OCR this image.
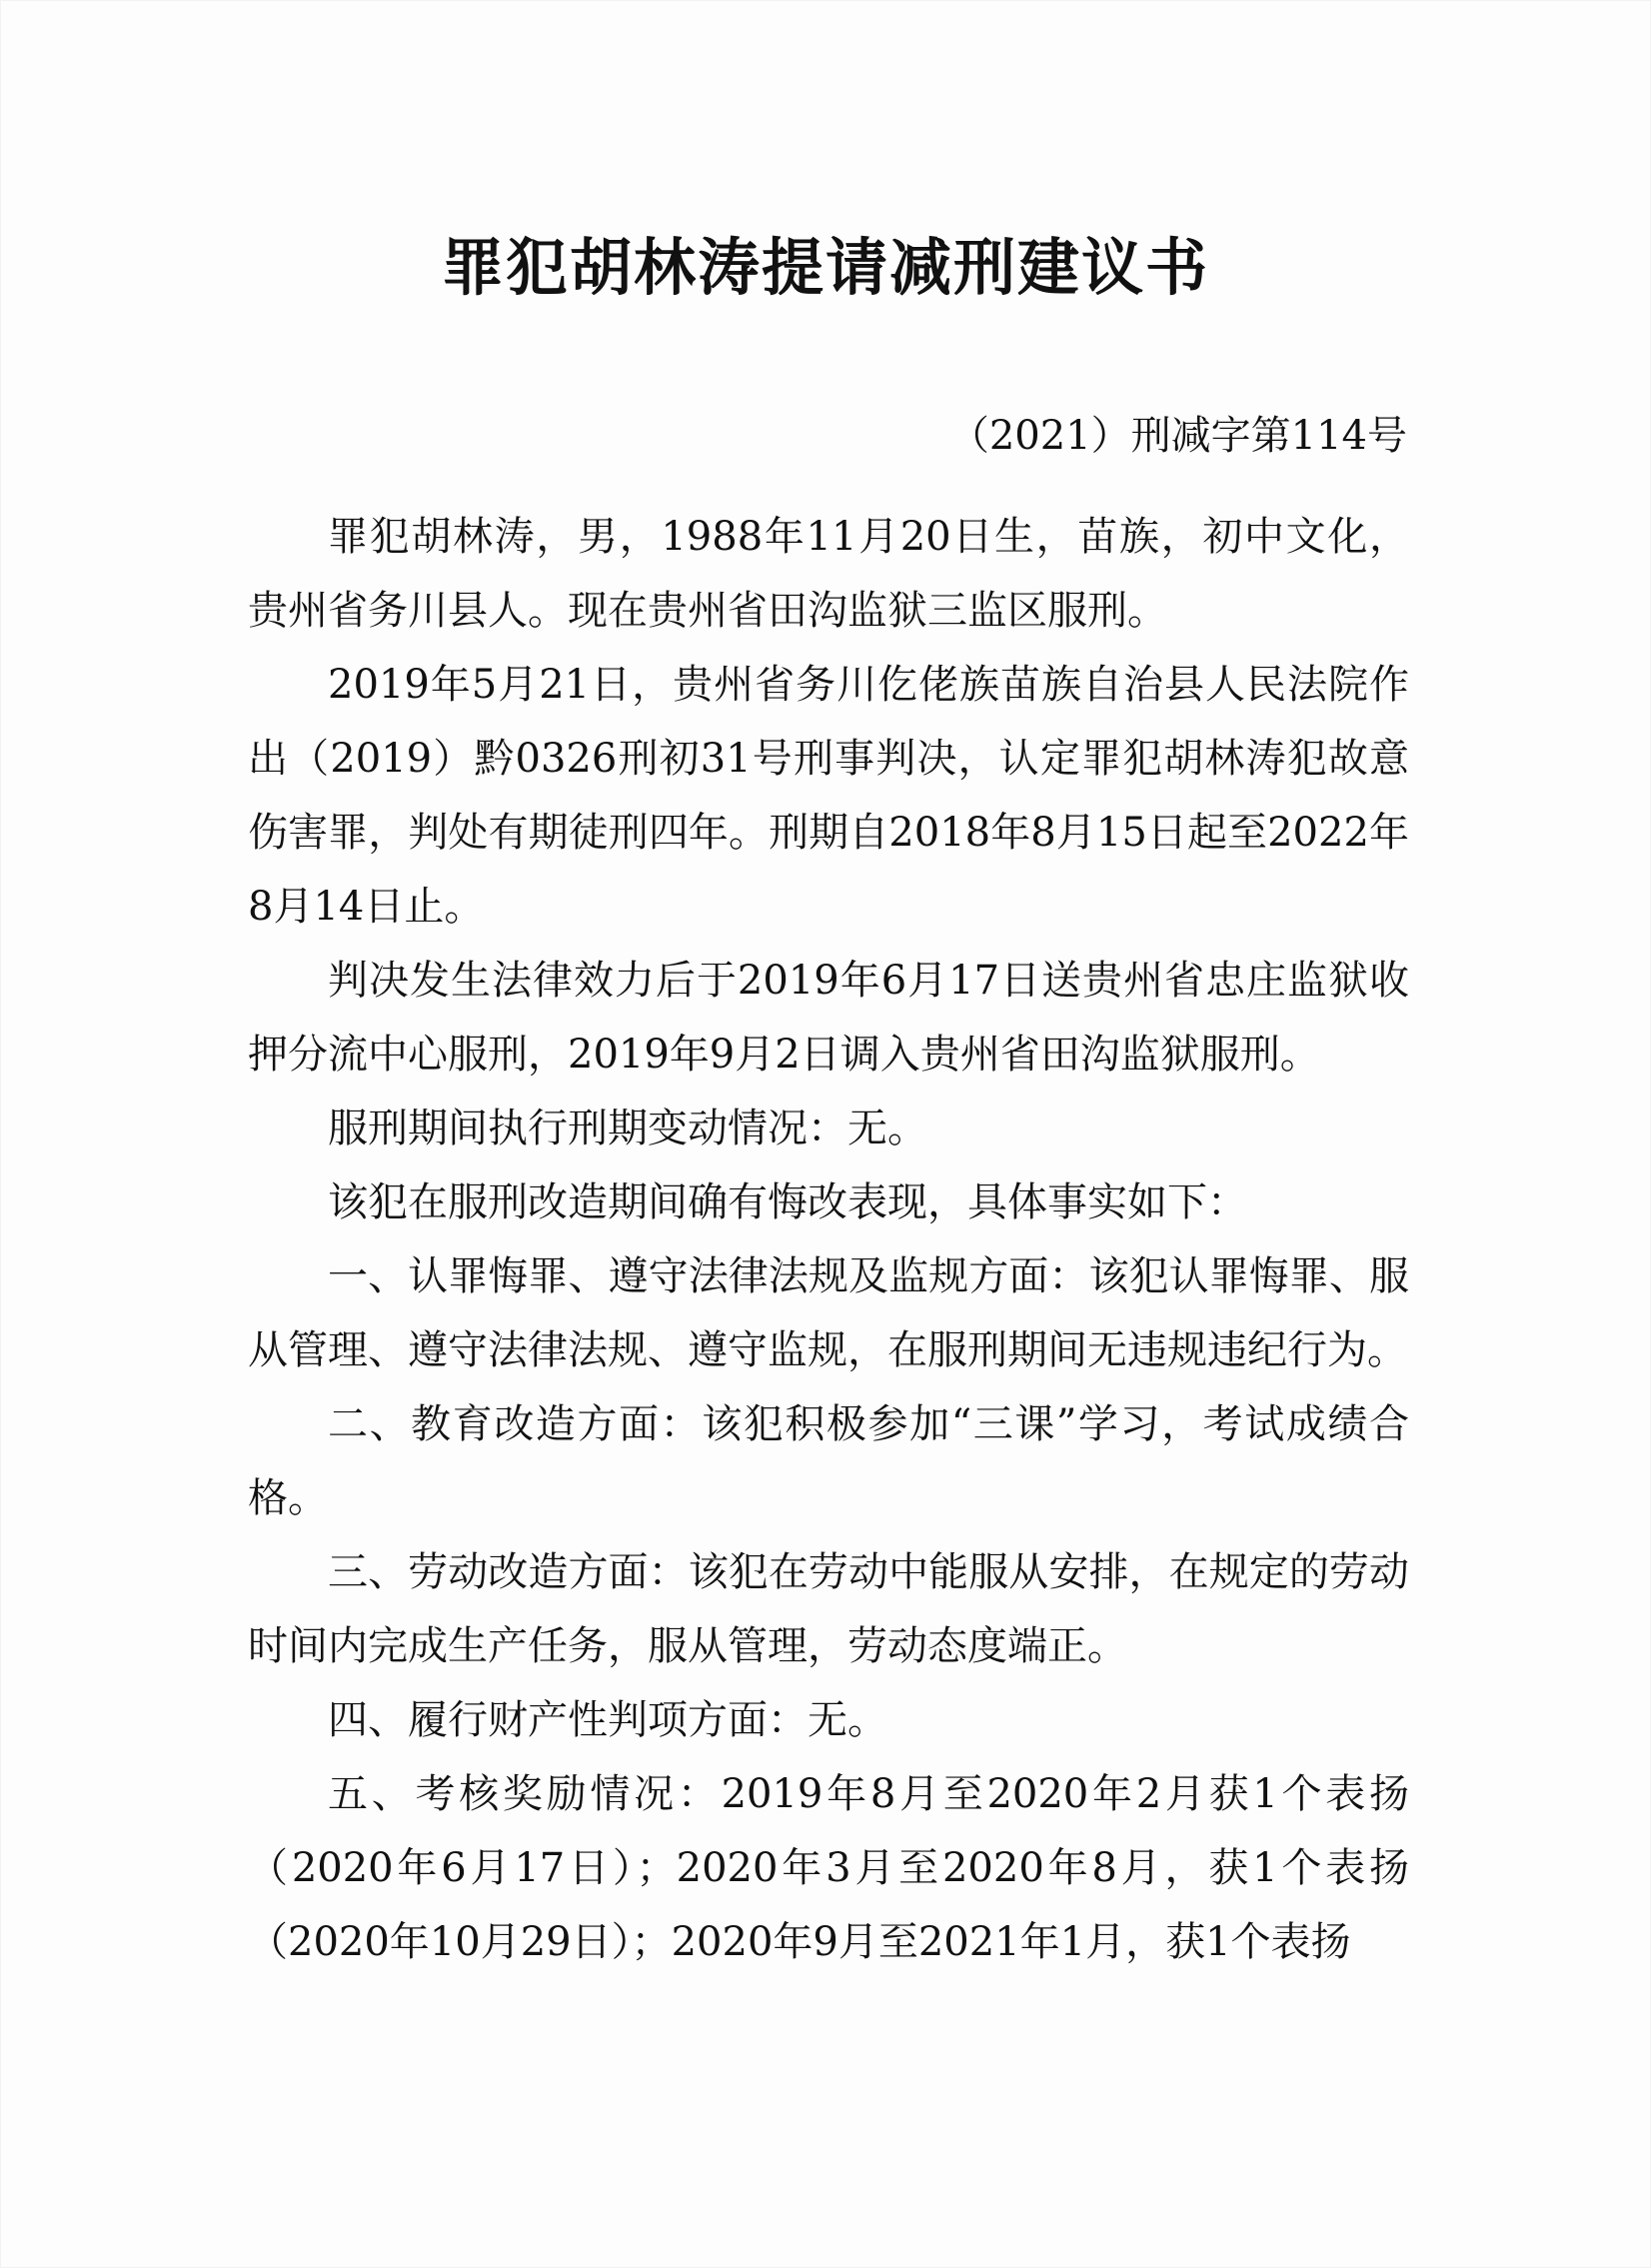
罪犯胡林涛提请减刑建议书
（2021）刑减字第114号

罪犯胡林涛，男，1988年11月20日生，苗族，初中文化，贵州省务川县人。现在贵州省田沟监狱三监区服刑。

2019年5月21日，贵州省务川仡佬族苗族自治县人民法院作出（2019）黔0326刑初31号刑事判决，认定罪犯胡林涛犯故意伤害罪，判处有期徒刑四年。刑期自2018年8月15日起至2022年8月14日止。

判决发生法律效力后于2019年6月17日送贵州省忠庄监狱收押分流中心服刑，2019年9月2日调入贵州省田沟监狱服刑。

服刑期间执行刑期变动情况：无。

该犯在服刑改造期间确有悔改表现，具体事实如下：

一、认罪悔罪、遵守法律法规及监规方面：该犯认罪悔罪、服从管理、遵守法律法规、遵守监规，在服刑期间无违规违纪行为。

二、教育改造方面：该犯积极参加“三课”学习，考试成绩合格。

三、劳动改造方面：该犯在劳动中能服从安排，在规定的劳动时间内完成生产任务，服从管理，劳动态度端正。

四、履行财产性判项方面：无。

五、考核奖励情况：2019年8月至2020年2月获1个表扬（2020年6月17日）；2020年3月至2020年8月，获1个表扬（2020年10月29日）；2020年9月至2021年1月，获1个表扬
